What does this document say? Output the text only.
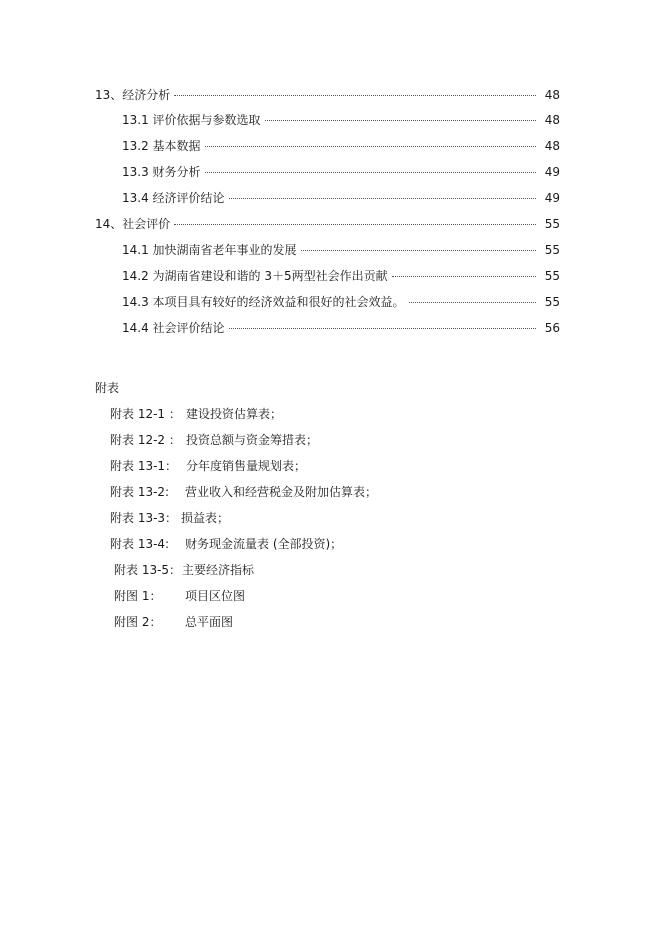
13、经济分析	48
13.1 评价依据与参数选取	48
13.2 基本数据	48
13.3 财务分析	49
13.4 经济评价结论	49
14、社会评价	55
14.1 加快湖南省老年事业的发展	55
14.2 为湖南省建设和谐的 3＋5两型社会作出贡献	55
14.3 本项目具有较好的经济效益和很好的社会效益。	55
14.4 社会评价结论	56
附表
附表 12-1 ： 建设投资估算表；
附表 12-2 ： 投资总额与资金筹措表；
附表 13-1： 分年度销售量规划表；
附表 13-2: 营业收入和经营税金及附加估算表；
附表 13-3： 损益表；
附表 13-4: 财务现金流量表 (全部投资)；
附表 13-5：主要经济指标
附图 1： 项目区位图
附图 2： 总平面图
